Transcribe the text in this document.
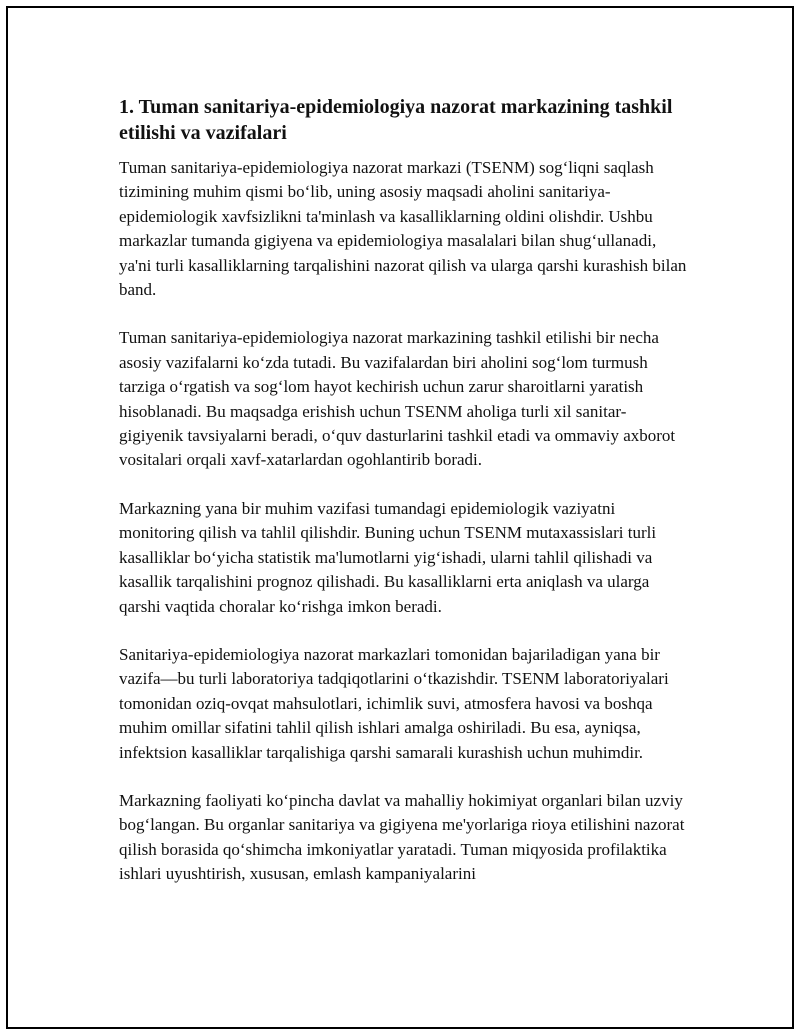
1. Tuman sanitariya-epidemiologiya nazorat markazining tashkil etilishi va vazifalari

Tuman sanitariya-epidemiologiya nazorat markazi (TSENM) sog‘liqni saqlash tizimining muhim qismi bo‘lib, uning asosiy maqsadi aholini sanitariya-epidemiologik xavfsizlikni ta'minlash va kasalliklarning oldini olishdir. Ushbu markazlar tumanda gigiyena va epidemiologiya masalalari bilan shug‘ullanadi, ya'ni turli kasalliklarning tarqalishini nazorat qilish va ularga qarshi kurashish bilan band.

Tuman sanitariya-epidemiologiya nazorat markazining tashkil etilishi bir necha asosiy vazifalarni ko‘zda tutadi. Bu vazifalardan biri aholini sog‘lom turmush tarziga o‘rgatish va sog‘lom hayot kechirish uchun zarur sharoitlarni yaratish hisoblanadi. Bu maqsadga erishish uchun TSENM aholiga turli xil sanitar-gigiyenik tavsiyalarni beradi, o‘quv dasturlarini tashkil etadi va ommaviy axborot vositalari orqali xavf-xatarlardan ogohlantirib boradi.

Markazning yana bir muhim vazifasi tumandagi epidemiologik vaziyatni monitoring qilish va tahlil qilishdir. Buning uchun TSENM mutaxassislari turli kasalliklar bo‘yicha statistik ma'lumotlarni yig‘ishadi, ularni tahlil qilishadi va kasallik tarqalishini prognoz qilishadi. Bu kasalliklarni erta aniqlash va ularga qarshi vaqtida choralar ko‘rishga imkon beradi.

Sanitariya-epidemiologiya nazorat markazlari tomonidan bajariladigan yana bir vazifa—bu turli laboratoriya tadqiqotlarini o‘tkazishdir. TSENM laboratoriyalari tomonidan oziq-ovqat mahsulotlari, ichimlik suvi, atmosfera havosi va boshqa muhim omillar sifatini tahlil qilish ishlari amalga oshiriladi. Bu esa, ayniqsa, infektsion kasalliklar tarqalishiga qarshi samarali kurashish uchun muhimdir.

Markazning faoliyati ko‘pincha davlat va mahalliy hokimiyat organlari bilan uzviy bog‘langan. Bu organlar sanitariya va gigiyena me'yorlariga rioya etilishini nazorat qilish borasida qo‘shimcha imkoniyatlar yaratadi. Tuman miqyosida profilaktika ishlari uyushtirish, xususan, emlash kampaniyalarini
